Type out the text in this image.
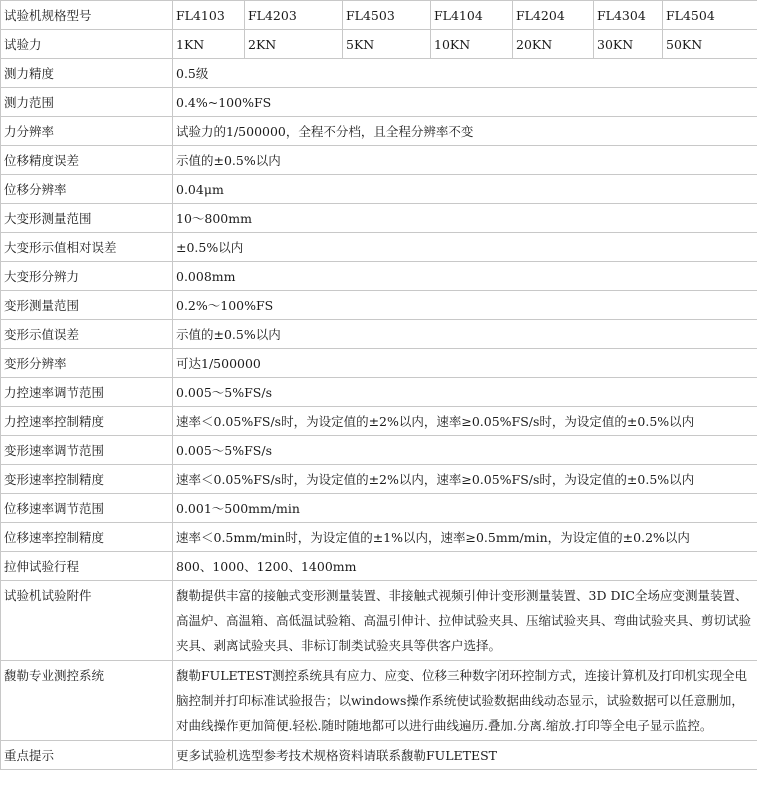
试验机规格型号	FL4103	FL4203	FL4503	FL4104	FL4204	FL4304	FL4504
试验力	1KN	2KN	5KN	10KN	20KN	30KN	50KN
测力精度	0.5级						
测力范围	0.4%~100%FS						
力分辨率	试验力的1/500000，全程不分档，且全程分辨率不变						
位移精度误差	示值的±0.5%以内						
位移分辨率	0.04μm						
大变形测量范围	10～800mm						
大变形示值相对误差	±0.5%以内						
大变形分辨力	0.008mm						
变形测量范围	0.2%～100%FS						
变形示值误差	示值的±0.5%以内						
变形分辨率	可达1/500000						
力控速率调节范围	0.005～5%FS/s						
力控速率控制精度	速率＜0.05%FS/s时，为设定值的±2%以内，速率≥0.05%FS/s时，为设定值的±0.5%以内						
变形速率调节范围	0.005～5%FS/s						
变形速率控制精度	速率＜0.05%FS/s时，为设定值的±2%以内，速率≥0.05%FS/s时，为设定值的±0.5%以内						
位移速率调节范围	0.001～500mm/min						
位移速率控制精度	速率＜0.5mm/min时，为设定值的±1%以内，速率≥0.5mm/min，为设定值的±0.2%以内						
拉伸试验行程	800、1000、1200、1400mm						
试验机试验附件	馥勒提供丰富的接触式变形测量装置、非接触式视频引伸计变形测量装置、3D DIC全场应变测量装置、高温炉、高温箱、高低温试验箱、高温引伸计、拉伸试验夹具、压缩试验夹具、弯曲试验夹具、剪切试验夹具、剥离试验夹具、非标订制类试验夹具等供客户选择。						
馥勒专业测控系统	馥勒FULETEST测控系统具有应力、应变、位移三种数字闭环控制方式，连接计算机及打印机实现全电脑控制并打印标准试验报告；以windows操作系统使试验数据曲线动态显示，试验数据可以任意删加，对曲线操作更加简便.轻松.随时随地都可以进行曲线遍历.叠加.分离.缩放.打印等全电子显示监控。						
重点提示	更多试验机选型参考技术规格资料请联系馥勒FULETEST						
